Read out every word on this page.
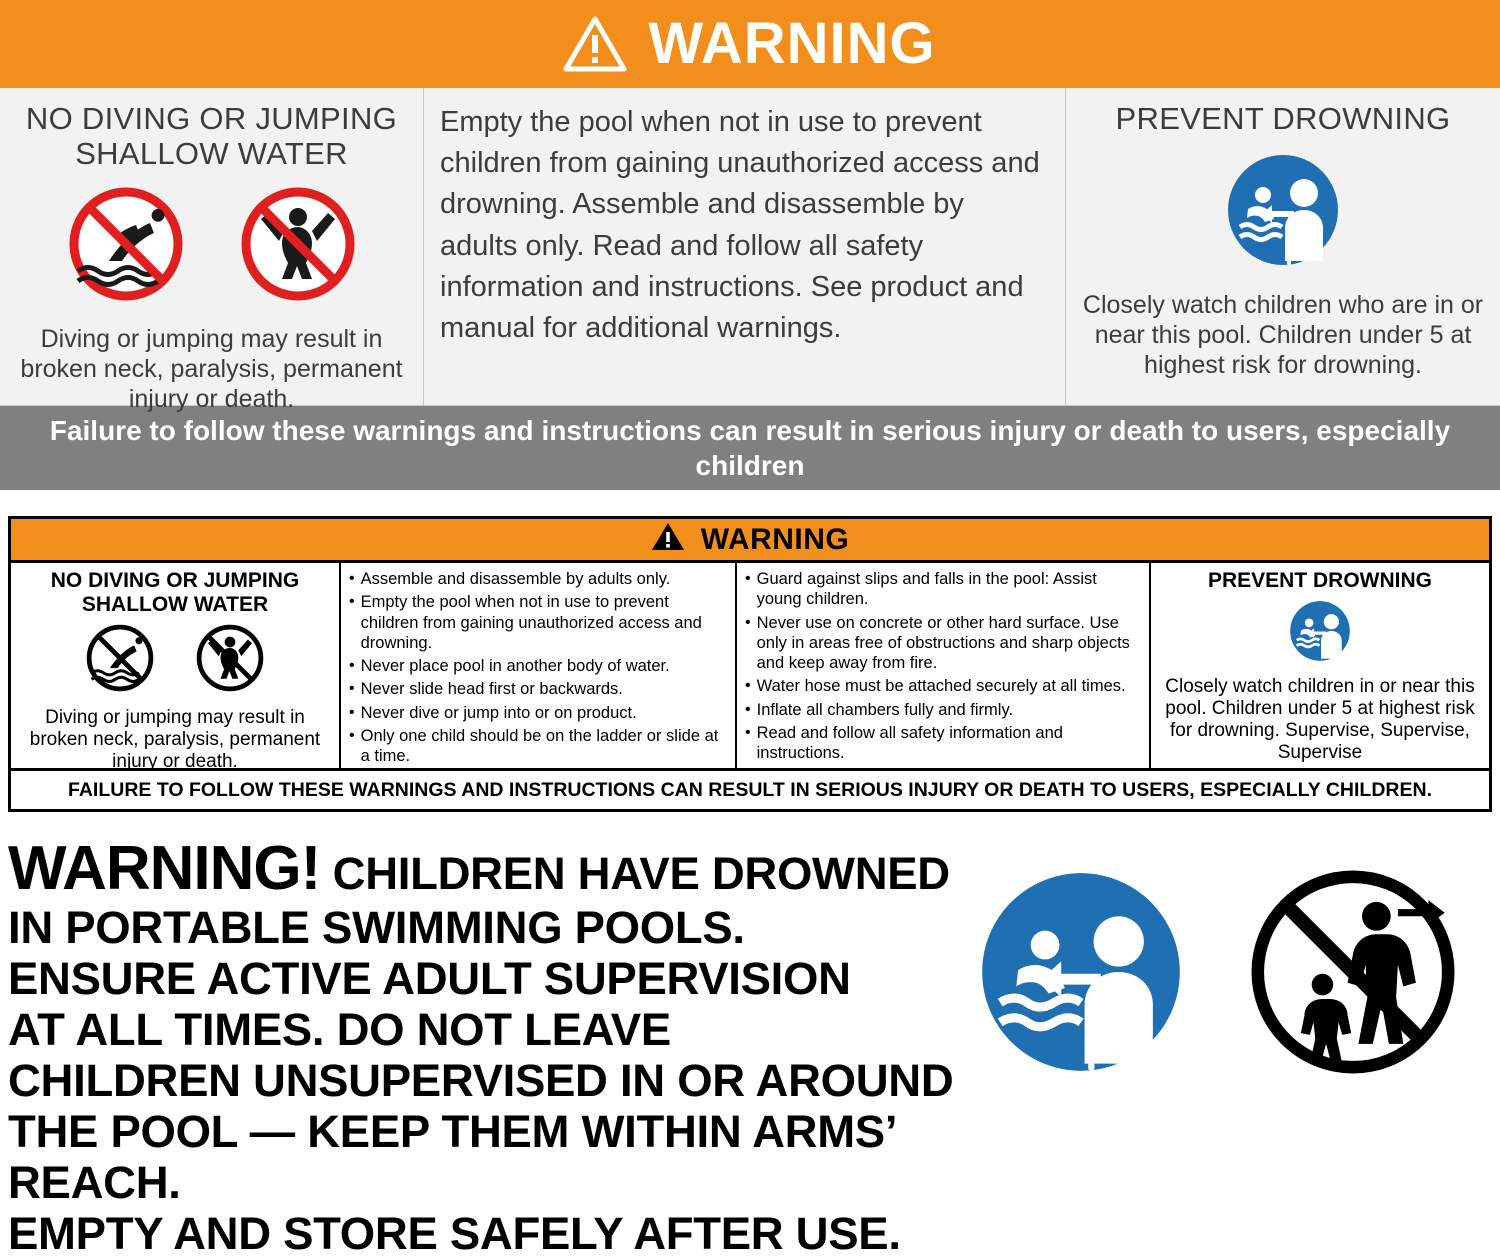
WARNING
NO DIVING OR JUMPING SHALLOW WATER
Diving or jumping may result in broken neck, paralysis, permanent injury or death.
Empty the pool when not in use to prevent children from gaining unauthorized access and drowning. Assemble and disassemble by adults only. Read and follow all safety information and instructions. See product and manual for additional warnings.
PREVENT DROWNING
Closely watch children who are in or near this pool. Children under 5 at highest risk for drowning.
Failure to follow these warnings and instructions can result in serious injury or death to users, especially children
WARNING
NO DIVING OR JUMPING SHALLOW WATER
Diving or jumping may result in broken neck, paralysis, permanent injury or death.
• Assemble and disassemble by adults only.
• Empty the pool when not in use to prevent children from gaining unauthorized access and drowning.
• Never place pool in another body of water.
• Never slide head first or backwards.
• Never dive or jump into or on product.
• Only one child should be on the ladder or slide at a time.
• Guard against slips and falls in the pool: Assist young children.
• Never use on concrete or other hard surface. Use only in areas free of obstructions and sharp objects and keep away from fire.
• Water hose must be attached securely at all times.
• Inflate all chambers fully and firmly.
• Read and follow all safety information and instructions.
PREVENT DROWNING
Closely watch children in or near this pool. Children under 5 at highest risk for drowning. Supervise, Supervise, Supervise
FAILURE TO FOLLOW THESE WARNINGS AND INSTRUCTIONS CAN RESULT IN SERIOUS INJURY OR DEATH TO USERS, ESPECIALLY CHILDREN.
WARNING! CHILDREN HAVE DROWNED
IN PORTABLE SWIMMING POOLS.
ENSURE ACTIVE ADULT SUPERVISION
AT ALL TIMES. DO NOT LEAVE
CHILDREN UNSUPERVISED IN OR AROUND
THE POOL — KEEP THEM WITHIN ARMS’ REACH.
EMPTY AND STORE SAFELY AFTER USE.
